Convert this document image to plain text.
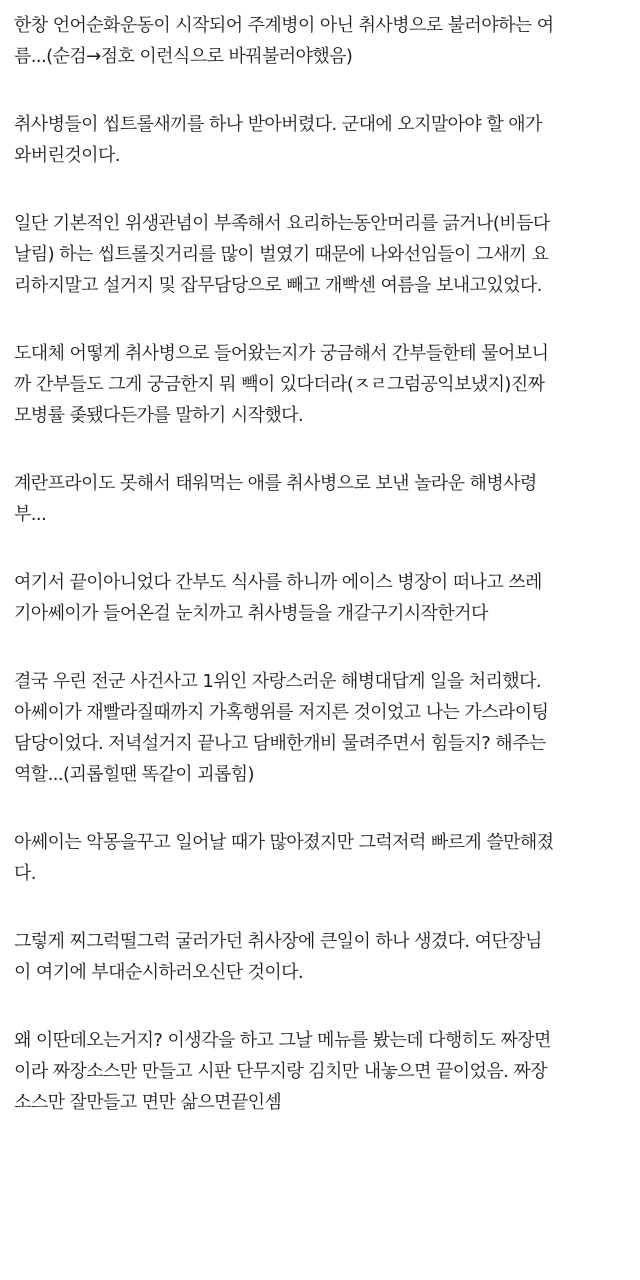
한창 언어순화운동이 시작되어 주계병이 아닌 취사병으로 불러야하는 여
름...(순검→점호 이런식으로 바꿔불러야했음)

취사병들이 씹트롤새끼를 하나 받아버렸다. 군대에 오지말아야 할 애가
와버린것이다.

일단 기본적인 위생관념이 부족해서 요리하는동안머리를 긁거나(비듬다
날림) 하는 씹트롤짓거리를 많이 벌였기 때문에 나와선임들이 그새끼 요
리하지말고 설거지 및 잡무담당으로 빼고 개빡센 여름을 보내고있었다.

도대체 어떻게 취사병으로 들어왔는지가 궁금해서 간부들한테 물어보니
까 간부들도 그게 궁금한지 뭐 빽이 있다더라(ㅈㄹ그럼공익보냈지)진짜
모병률 좆됐다든가를 말하기 시작했다.

계란프라이도 못해서 태워먹는 애를 취사병으로 보낸 놀라운 해병사령
부...

여기서 끝이아니었다 간부도 식사를 하니까 에이스 병장이 떠나고 쓰레
기아쎄이가 들어온걸 눈치까고 취사병들을 개갈구기시작한거다

결국 우린 전군 사건사고 1위인 자랑스러운 해병대답게 일을 처리했다.
아쎄이가 재빨라질때까지 가혹행위를 저지른 것이었고 나는 가스라이팅
담당이었다. 저녁설거지 끝나고 담배한개비 물려주면서 힘들지? 해주는
역할...(괴롭힐땐 똑같이 괴롭힘)

아쎄이는 악몽을꾸고 일어날 때가 많아졌지만 그럭저럭 빠르게 쓸만해졌
다.

그렇게 찌그럭떨그럭 굴러가던 취사장에 큰일이 하나 생겼다. 여단장님
이 여기에 부대순시하러오신단 것이다.

왜 이딴데오는거지? 이생각을 하고 그날 메뉴를 봤는데 다행히도 짜장면
이라 짜장소스만 만들고 시판 단무지랑 김치만 내놓으면 끝이었음. 짜장
소스만 잘만들고 면만 삶으면끝인셈
